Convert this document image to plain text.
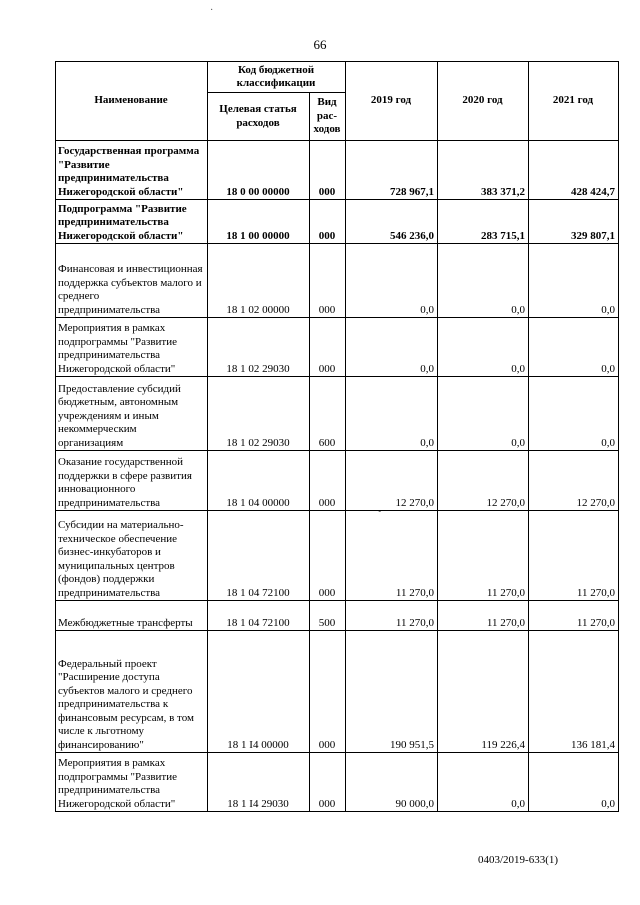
66
·
ˇ
Наименование	Код бюджетной классификации		2019 год	2020 год	2021 год
	Целевая статья расходов	Вид рас-ходов			
Государственная программа "Развитие предпринимательства Нижегородской области"	18 0 00 00000	000	728 967,1	383 371,2	428 424,7
Подпрограмма "Развитие предпринимательства Нижегородской области"	18 1 00 00000	000	546 236,0	283 715,1	329 807,1
Финансовая и инвестиционная поддержка субъектов малого и среднего предпринимательства	18 1 02 00000	000	0,0	0,0	0,0
Мероприятия в рамках подпрограммы "Развитие предпринимательства Нижегородской области"	18 1 02 29030	000	0,0	0,0	0,0
Предоставление субсидий бюджетным, автономным учреждениям и иным некоммерческим организациям	18 1 02 29030	600	0,0	0,0	0,0
Оказание государственной поддержки в сфере развития инновационного предпринимательства	18 1 04 00000	000	12 270,0	12 270,0	12 270,0
Субсидии на материально-техническое обеспечение бизнес-инкубаторов и муниципальных центров (фондов) поддержки предпринимательства	18 1 04 72100	000	11 270,0	11 270,0	11 270,0
Межбюджетные трансферты	18 1 04 72100	500	11 270,0	11 270,0	11 270,0
Федеральный проект "Расширение доступа субъектов малого и среднего предпринимательства к финансовым ресурсам, в том числе к льготному финансированию"	18 1 I4 00000	000	190 951,5	119 226,4	136 181,4
Мероприятия в рамках подпрограммы "Развитие предпринимательства Нижегородской области"	18 1 I4 29030	000	90 000,0	0,0	0,0
0403/2019-633(1)
